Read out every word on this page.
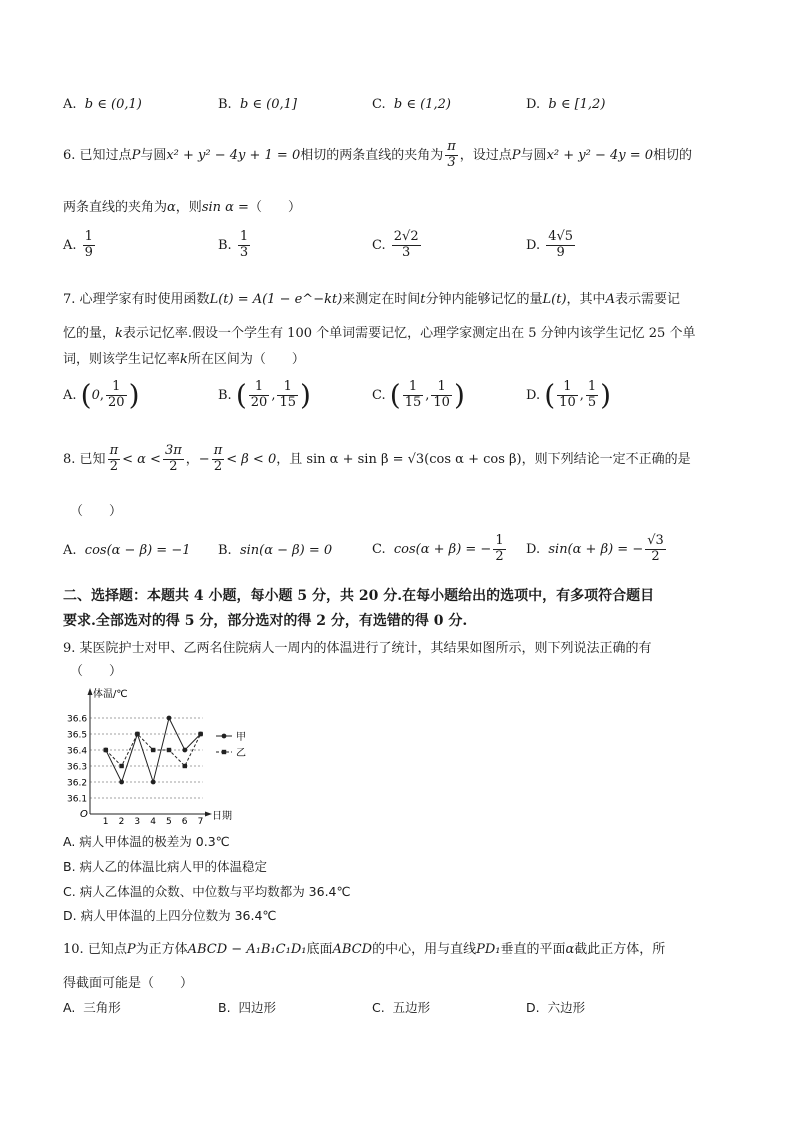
A. b ∈ (0,1)	B. b ∈ (0,1]	C. b ∈ (1,2)	D. b ∈ [1,2)
6. 已知过点P与圆x² + y² − 4y + 1 = 0相切的两条直线的夹角为 $\frac{\pi}{3}$ ，设过点P与圆x² + y² − 4y = 0相切的
两条直线的夹角为α，则sin α =（　　）
A. $\frac{1}{9}$	B. $\frac{1}{3}$	C. $\frac{2√2}{3}$	D. $\frac{4√5}{9}$
7. 心理学家有时使用函数L(t) = A(1 − e^−kt)来测定在时间t分钟内能够记忆的量L(t)，其中A表示需要记
忆的量，k表示记忆率.假设一个学生有 100 个单词需要记忆，心理学家测定出在 5 分钟内该学生记忆 25 个单
词，则该学生记忆率k所在区间为（　　）
A. (0, $\frac{1}{20}$ )	B. ( $\frac{1}{20}$ , $\frac{1}{15}$ )	C. ( $\frac{1}{15}$ , $\frac{1}{10}$ )	D. ( $\frac{1}{10}$ , $\frac{1}{5}$ )
8. 已知 $\frac{\pi}{2} < \alpha < \frac{3\pi}{2}$ ，− $\frac{\pi}{2} < \beta < 0$，且 sin α + sin β = √3(cos α + cos β)，则下列结论一定不正确的是
（　　）
A. cos(α − β) = −1 B. sin(α − β) = 0	C. cos(α + β) = − $\frac{1}{2} D$. sin(α + β) = − $\frac{√3}{2}$
二、选择题：本题共 4 小题，每小题 5 分，共 20 分.在每小题给出的选项中，有多项符合题目
要求.全部选对的得 5 分，部分选对的得 2 分，有选错的得 0 分.
9. 某医院护士对甲、乙两名住院病人一周内的体温进行了统计，其结果如图所示，则下列说法正确的有
（　　）
体温/℃
日期
O
36.1
36.2
36.3
36.4
36.5
36.6
1 2 3 4 5 6 7
甲
乙
A. 病人甲体温的极差为 0.3℃
B. 病人乙的体温比病人甲的体温稳定
C. 病人乙体温的众数、中位数与平均数都为 36.4℃
D. 病人甲体温的上四分位数为 36.4℃
10. 已知点P为正方体ABCD − A₁B₁C₁D₁底面ABCD的中心，用与直线PD₁垂直的平面α截此正方体，所
得截面可能是（　　）
A. 三角形	B. 四边形	C. 五边形	D. 六边形
